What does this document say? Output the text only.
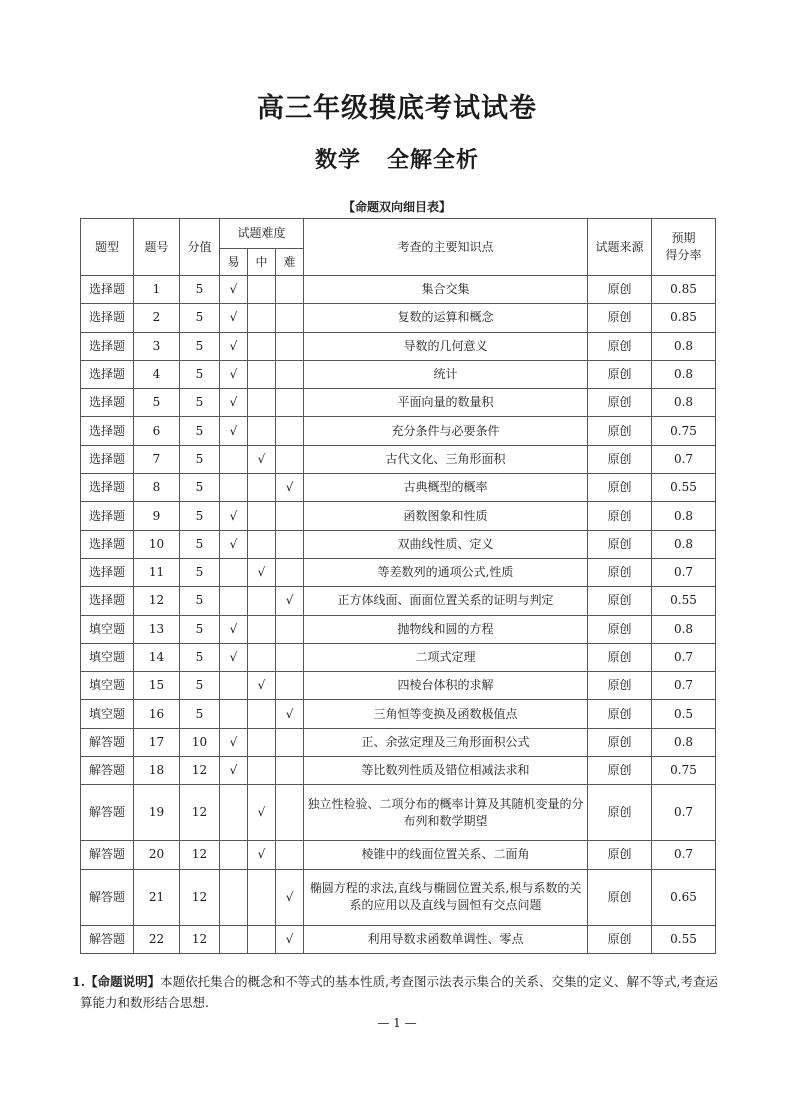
高三年级摸底考试试卷
数学 全解全析
【命题双向细目表】
题型	题号	分值	试题难度			考查的主要知识点	试题来源	预期
得分率

			易	中	难			
选择题	1	5	√			集合交集	原创	0.85
选择题	2	5	√			复数的运算和概念	原创	0.85
选择题	3	5	√			导数的几何意义	原创	0.8
选择题	4	5	√			统计	原创	0.8
选择题	5	5	√			平面向量的数量积	原创	0.8
选择题	6	5	√			充分条件与必要条件	原创	0.75
选择题	7	5		√		古代文化、三角形面积	原创	0.7
选择题	8	5			√	古典概型的概率	原创	0.55
选择题	9	5	√			函数图象和性质	原创	0.8
选择题	10	5	√			双曲线性质、定义	原创	0.8
选择题	11	5		√		等差数列的通项公式,性质	原创	0.7
选择题	12	5			√	正方体线面、面面位置关系的证明与判定	原创	0.55
填空题	13	5	√			抛物线和圆的方程	原创	0.8
填空题	14	5	√			二项式定理	原创	0.7
填空题	15	5		√		四棱台体积的求解	原创	0.7
填空题	16	5			√	三角恒等变换及函数极值点	原创	0.5
解答题	17	10	√			正、余弦定理及三角形面积公式	原创	0.8
解答题	18	12	√			等比数列性质及错位相减法求和	原创	0.75
解答题	19	12		√		独立性检验、二项分布的概率计算及其随机变量的分布列和数学期望	原创	0.7
解答题	20	12		√		棱锥中的线面位置关系、二面角	原创	0.7
解答题	21	12			√	椭圆方程的求法,直线与椭圆位置关系,根与系数的关系的应用以及直线与圆恒有交点问题	原创	0.65
解答题	22	12			√	利用导数求函数单调性、零点	原创	0.55
1.【命题说明】本题依托集合的概念和不等式的基本性质,考查图示法表示集合的关系、交集的定义、解不等式,考查运算能力和数形结合思想.
— 1 —
